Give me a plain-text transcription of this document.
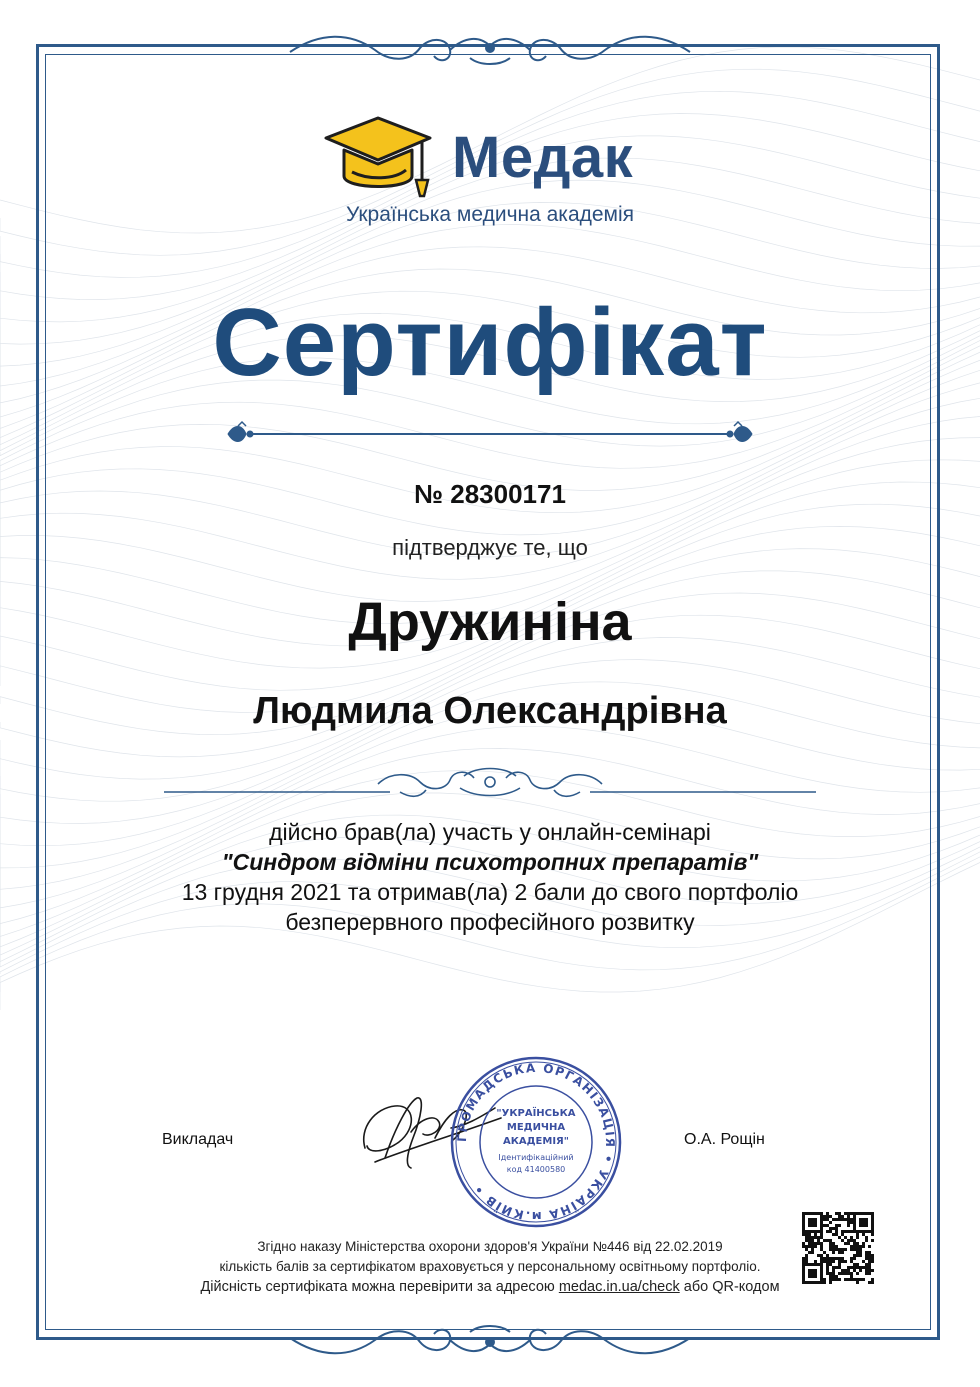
Медак
Українська медична академія
Сертифікат
№ 28300171
підтверджує те, що
Дружиніна
Людмила Олександрівна
дійсно брав(ла) участь у онлайн-семінарі
"Синдром відміни психотропних препаратів"
13 грудня 2021 та отримав(ла) 2 бали до свого портфоліо
безперервного професійного розвитку
Викладач	ГРОМАДСЬКА ОРГАНІЗАЦІЯ • УКРАЇНА м.КИЇВ •
"УКРАЇНСЬКА
МЕДИЧНА
АКАДЕМІЯ"
Ідентифікаційний
код 41400580
О.А. Рощін
Згідно наказу Міністерства охорони здоров'я України №446 від 22.02.2019
кількість балів за сертифікатом враховується у персональному освітньому портфоліо.
Дійсність сертифіката можна перевірити за адресою medac.in.ua/check або QR-кодом
